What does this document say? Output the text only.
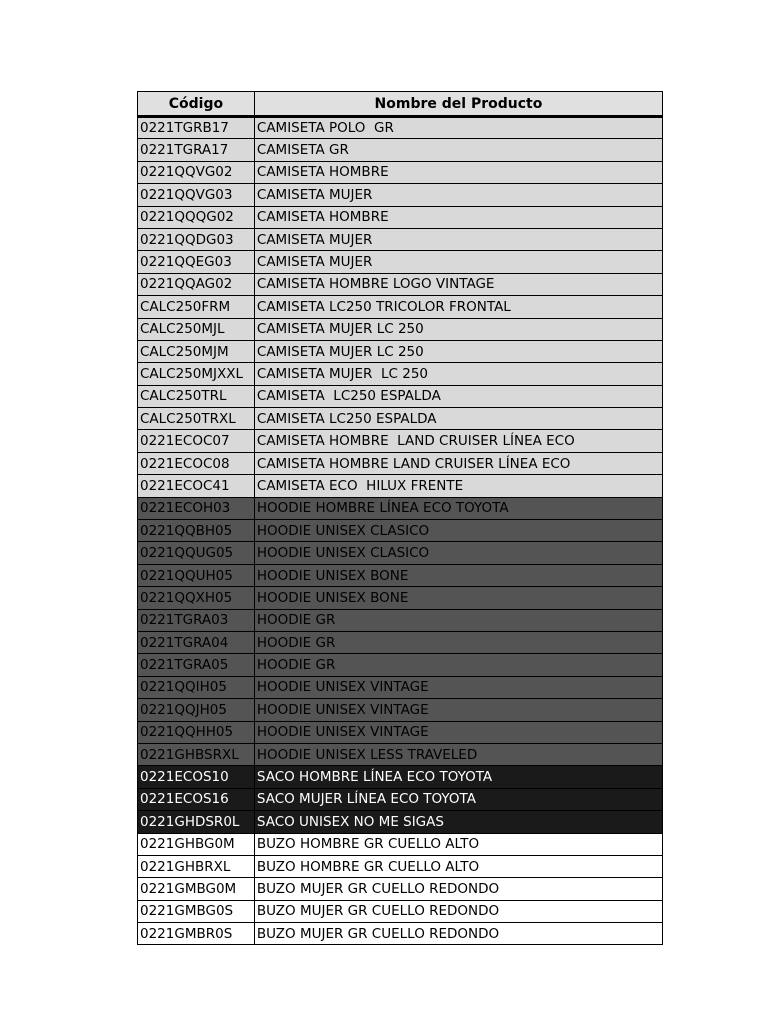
Código	Nombre del Producto
0221TGRB17	CAMISETA POLO  GR
0221TGRA17	CAMISETA GR
0221QQVG02	CAMISETA HOMBRE
0221QQVG03	CAMISETA MUJER
0221QQQG02	CAMISETA HOMBRE
0221QQDG03	CAMISETA MUJER
0221QQEG03	CAMISETA MUJER
0221QQAG02	CAMISETA HOMBRE LOGO VINTAGE
CALC250FRM	CAMISETA LC250 TRICOLOR FRONTAL
CALC250MJL	CAMISETA MUJER LC 250
CALC250MJM	CAMISETA MUJER LC 250
CALC250MJXXL	CAMISETA MUJER  LC 250
CALC250TRL	CAMISETA  LC250 ESPALDA
CALC250TRXL	CAMISETA LC250 ESPALDA
0221ECOC07	CAMISETA HOMBRE  LAND CRUISER LÍNEA ECO
0221ECOC08	CAMISETA HOMBRE LAND CRUISER LÍNEA ECO
0221ECOC41	CAMISETA ECO  HILUX FRENTE
0221ECOH03	HOODIE HOMBRE LÍNEA ECO TOYOTA
0221QQBH05	HOODIE UNISEX CLASICO
0221QQUG05	HOODIE UNISEX CLASICO
0221QQUH05	HOODIE UNISEX BONE
0221QQXH05	HOODIE UNISEX BONE
0221TGRA03	HOODIE GR
0221TGRA04	HOODIE GR
0221TGRA05	HOODIE GR
0221QQIH05	HOODIE UNISEX VINTAGE
0221QQJH05	HOODIE UNISEX VINTAGE
0221QQHH05	HOODIE UNISEX VINTAGE
0221GHBSRXL	HOODIE UNISEX LESS TRAVELED
0221ECOS10	SACO HOMBRE LÍNEA ECO TOYOTA
0221ECOS16	SACO MUJER LÍNEA ECO TOYOTA
0221GHDSR0L	SACO UNISEX NO ME SIGAS
0221GHBG0M	BUZO HOMBRE GR CUELLO ALTO
0221GHBRXL	BUZO HOMBRE GR CUELLO ALTO
0221GMBG0M	BUZO MUJER GR CUELLO REDONDO
0221GMBG0S	BUZO MUJER GR CUELLO REDONDO
0221GMBR0S	BUZO MUJER GR CUELLO REDONDO
